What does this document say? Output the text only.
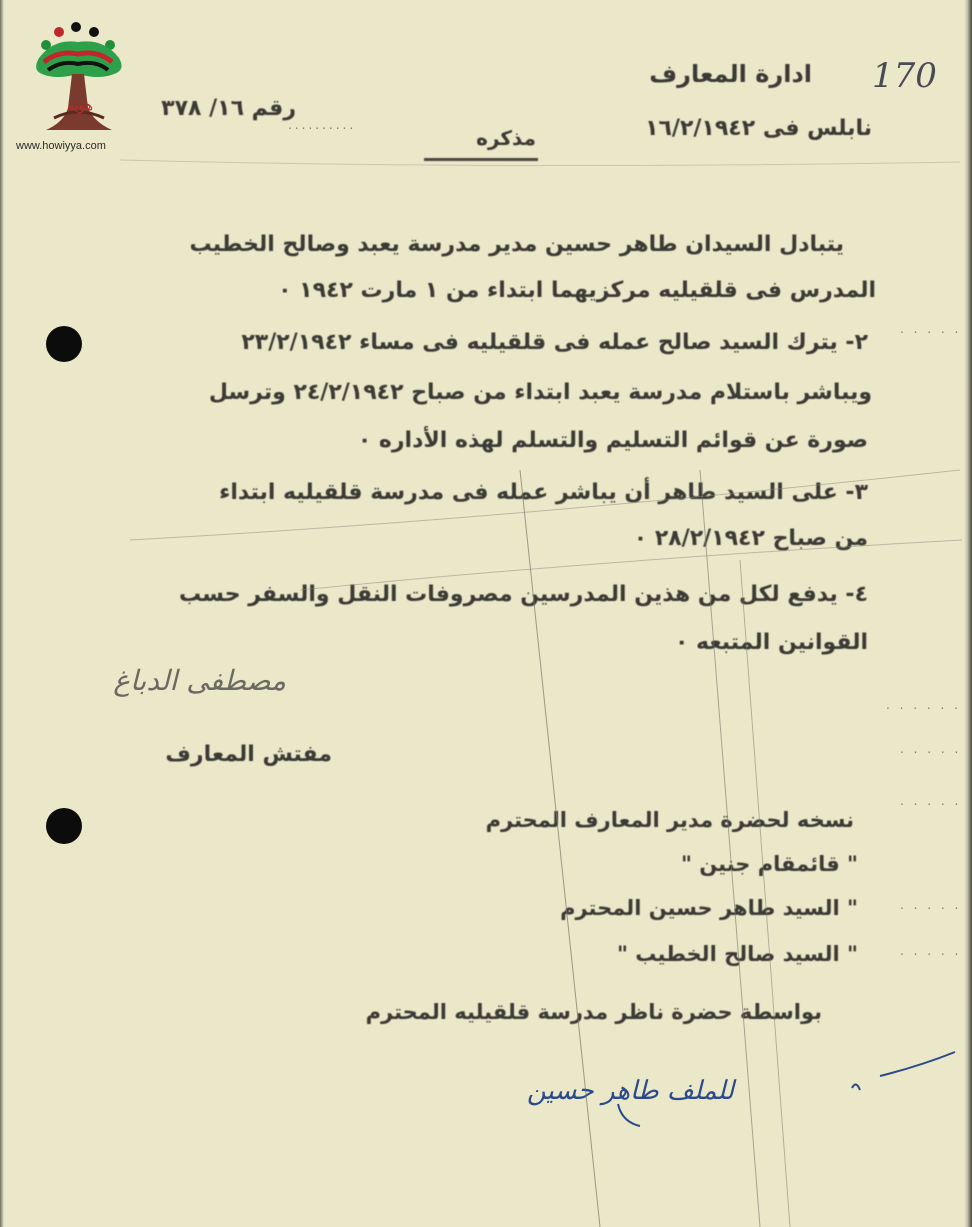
هوية
www.howiyya.com
170
ادارة المعارف
نابلس فى ١٦/٢/١٩٤٢
مذكره
رقم ١٦/ ٣٧٨
..........
يتبادل السيدان طاهر حسين مدير مدرسة يعبد وصالح الخطيب
المدرس فى قلقيليه مركزيهما ابتداء من ١ مارت ١٩٤٢ ٠
٢- يترك السيد صالح عمله فى قلقيليه فى مساء ٢٣/٢/١٩٤٢
ويباشر باستلام مدرسة يعبد ابتداء من صباح ٢٤/٢/١٩٤٢ وترسل
صورة عن قوائم التسليم والتسلم لهذه الأداره ٠
٣- على السيد طاهر أن يباشر عمله فى مدرسة قلقيليه ابتداء
من صباح ٢٨/٢/١٩٤٢ ٠
٤- يدفع لكل من هذين المدرسين مصروفات النقل والسفر حسب
القوانين المتبعه ٠
مصطفى الدباغ
مفتش المعارف
نسخه لحضرة مدير المعارف المحترم
" قائمقام جنين "
" السيد طاهر حسين المحترم
" السيد صالح الخطيب "
بواسطة حضرة ناظر مدرسة قلقيليه المحترم
للملف طاهر حسين
. . . . .
. . . . . .
. . . . .
. . . . .
. . . . .
. . . . .
